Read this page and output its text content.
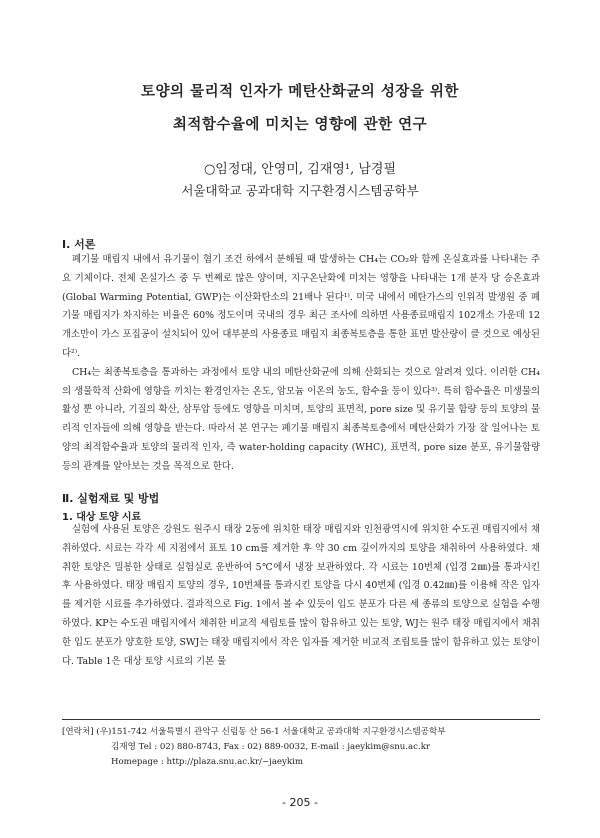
토양의 물리적 인자가 메탄산화균의 성장을 위한
최적함수율에 미치는 영향에 관한 연구
○임정대, 안영미, 김재영¹, 남경필
서울대학교 공과대학 지구환경시스템공학부
Ⅰ. 서론

폐기물 매립지 내에서 유기물이 혐기 조건 하에서 분해될 때 발생하는 CH₄는 CO₂와 함께 온실효과를 나타내는 주요 기체이다. 전체 온실가스 중 두 번째로 많은 양이며, 지구온난화에 미치는 영향을 나타내는 1개 분자 당 승온효과 (Global Warming Potential, GWP)는 이산화탄소의 21배나 된다¹⁾. 미국 내에서 메탄가스의 인위적 발생원 중 폐기물 매립지가 차지하는 비율은 60% 정도이며 국내의 경우 최근 조사에 의하면 사용종료매립지 102개소 가운데 12개소만이 가스 포집공이 설치되어 있어 대부분의 사용종료 매립지 최종복토층을 통한 표면 발산량이 클 것으로 예상된다²⁾.

CH₄는 최종복토층을 통과하는 과정에서 토양 내의 메탄산화균에 의해 산화되는 것으로 알려져 있다. 이러한 CH₄의 생물학적 산화에 영향을 끼치는 환경인자는 온도, 암모늄 이온의 농도, 함수율 등이 있다³⁾. 특히 함수율은 미생물의 활성 뿐 아니라, 기질의 확산, 삼투압 등에도 영향을 미치며, 토양의 표면적, pore size 및 유기물 함량 등의 토양의 물리적 인자들에 의해 영향을 받는다. 따라서 본 연구는 폐기물 매립지 최종복토층에서 메탄산화가 가장 잘 일어나는 토양의 최적함수율과 토양의 물리적 인자, 즉 water-holding capacity (WHC), 표면적, pore size 분포, 유기물함량 등의 관계를 알아보는 것을 목적으로 한다.

Ⅱ. 실험재료 및 방법
1. 대상 토양 시료

실험에 사용된 토양은 강원도 원주시 태장 2동에 위치한 태장 매립지와 인천광역시에 위치한 수도권 매립지에서 채취하였다. 시료는 각각 세 지점에서 표토 10 cm를 제거한 후 약 30 cm 깊이까지의 토양을 채취하여 사용하였다. 채취한 토양은 밀봉한 상태로 실험실로 운반하여 5℃에서 냉장 보관하였다. 각 시료는 10번체 (입경 2㎜)를 통과시킨 후 사용하였다. 태장 매립지 토양의 경우, 10번체를 통과시킨 토양을 다시 40번체 (입경 0.42㎜)를 이용해 작은 입자를 제거한 시료를 추가하였다. 결과적으로 Fig. 1에서 볼 수 있듯이 입도 분포가 다른 세 종류의 토양으로 실험을 수행하였다. KP는 수도권 매립지에서 채취한 비교적 세립토를 많이 함유하고 있는 토양, WJ는 원주 태장 매립지에서 채취한 입도 분포가 양호한 토양, SWJ는 태장 매립지에서 작은 입자를 제거한 비교적 조립토를 많이 함유하고 있는 토양이다. Table 1은 대상 토양 시료의 기본 물

[연락처] (우)151-742 서울특별시 관악구 신림동 산 56-1 서울대학교 공과대학 지구환경시스템공학부
김재영 Tel : 02) 880-8743, Fax : 02) 889-0032, E-mail : jaeykim@snu.ac.kr
Homepage : http://plaza.snu.ac.kr/~jaeykim
- 205 -
